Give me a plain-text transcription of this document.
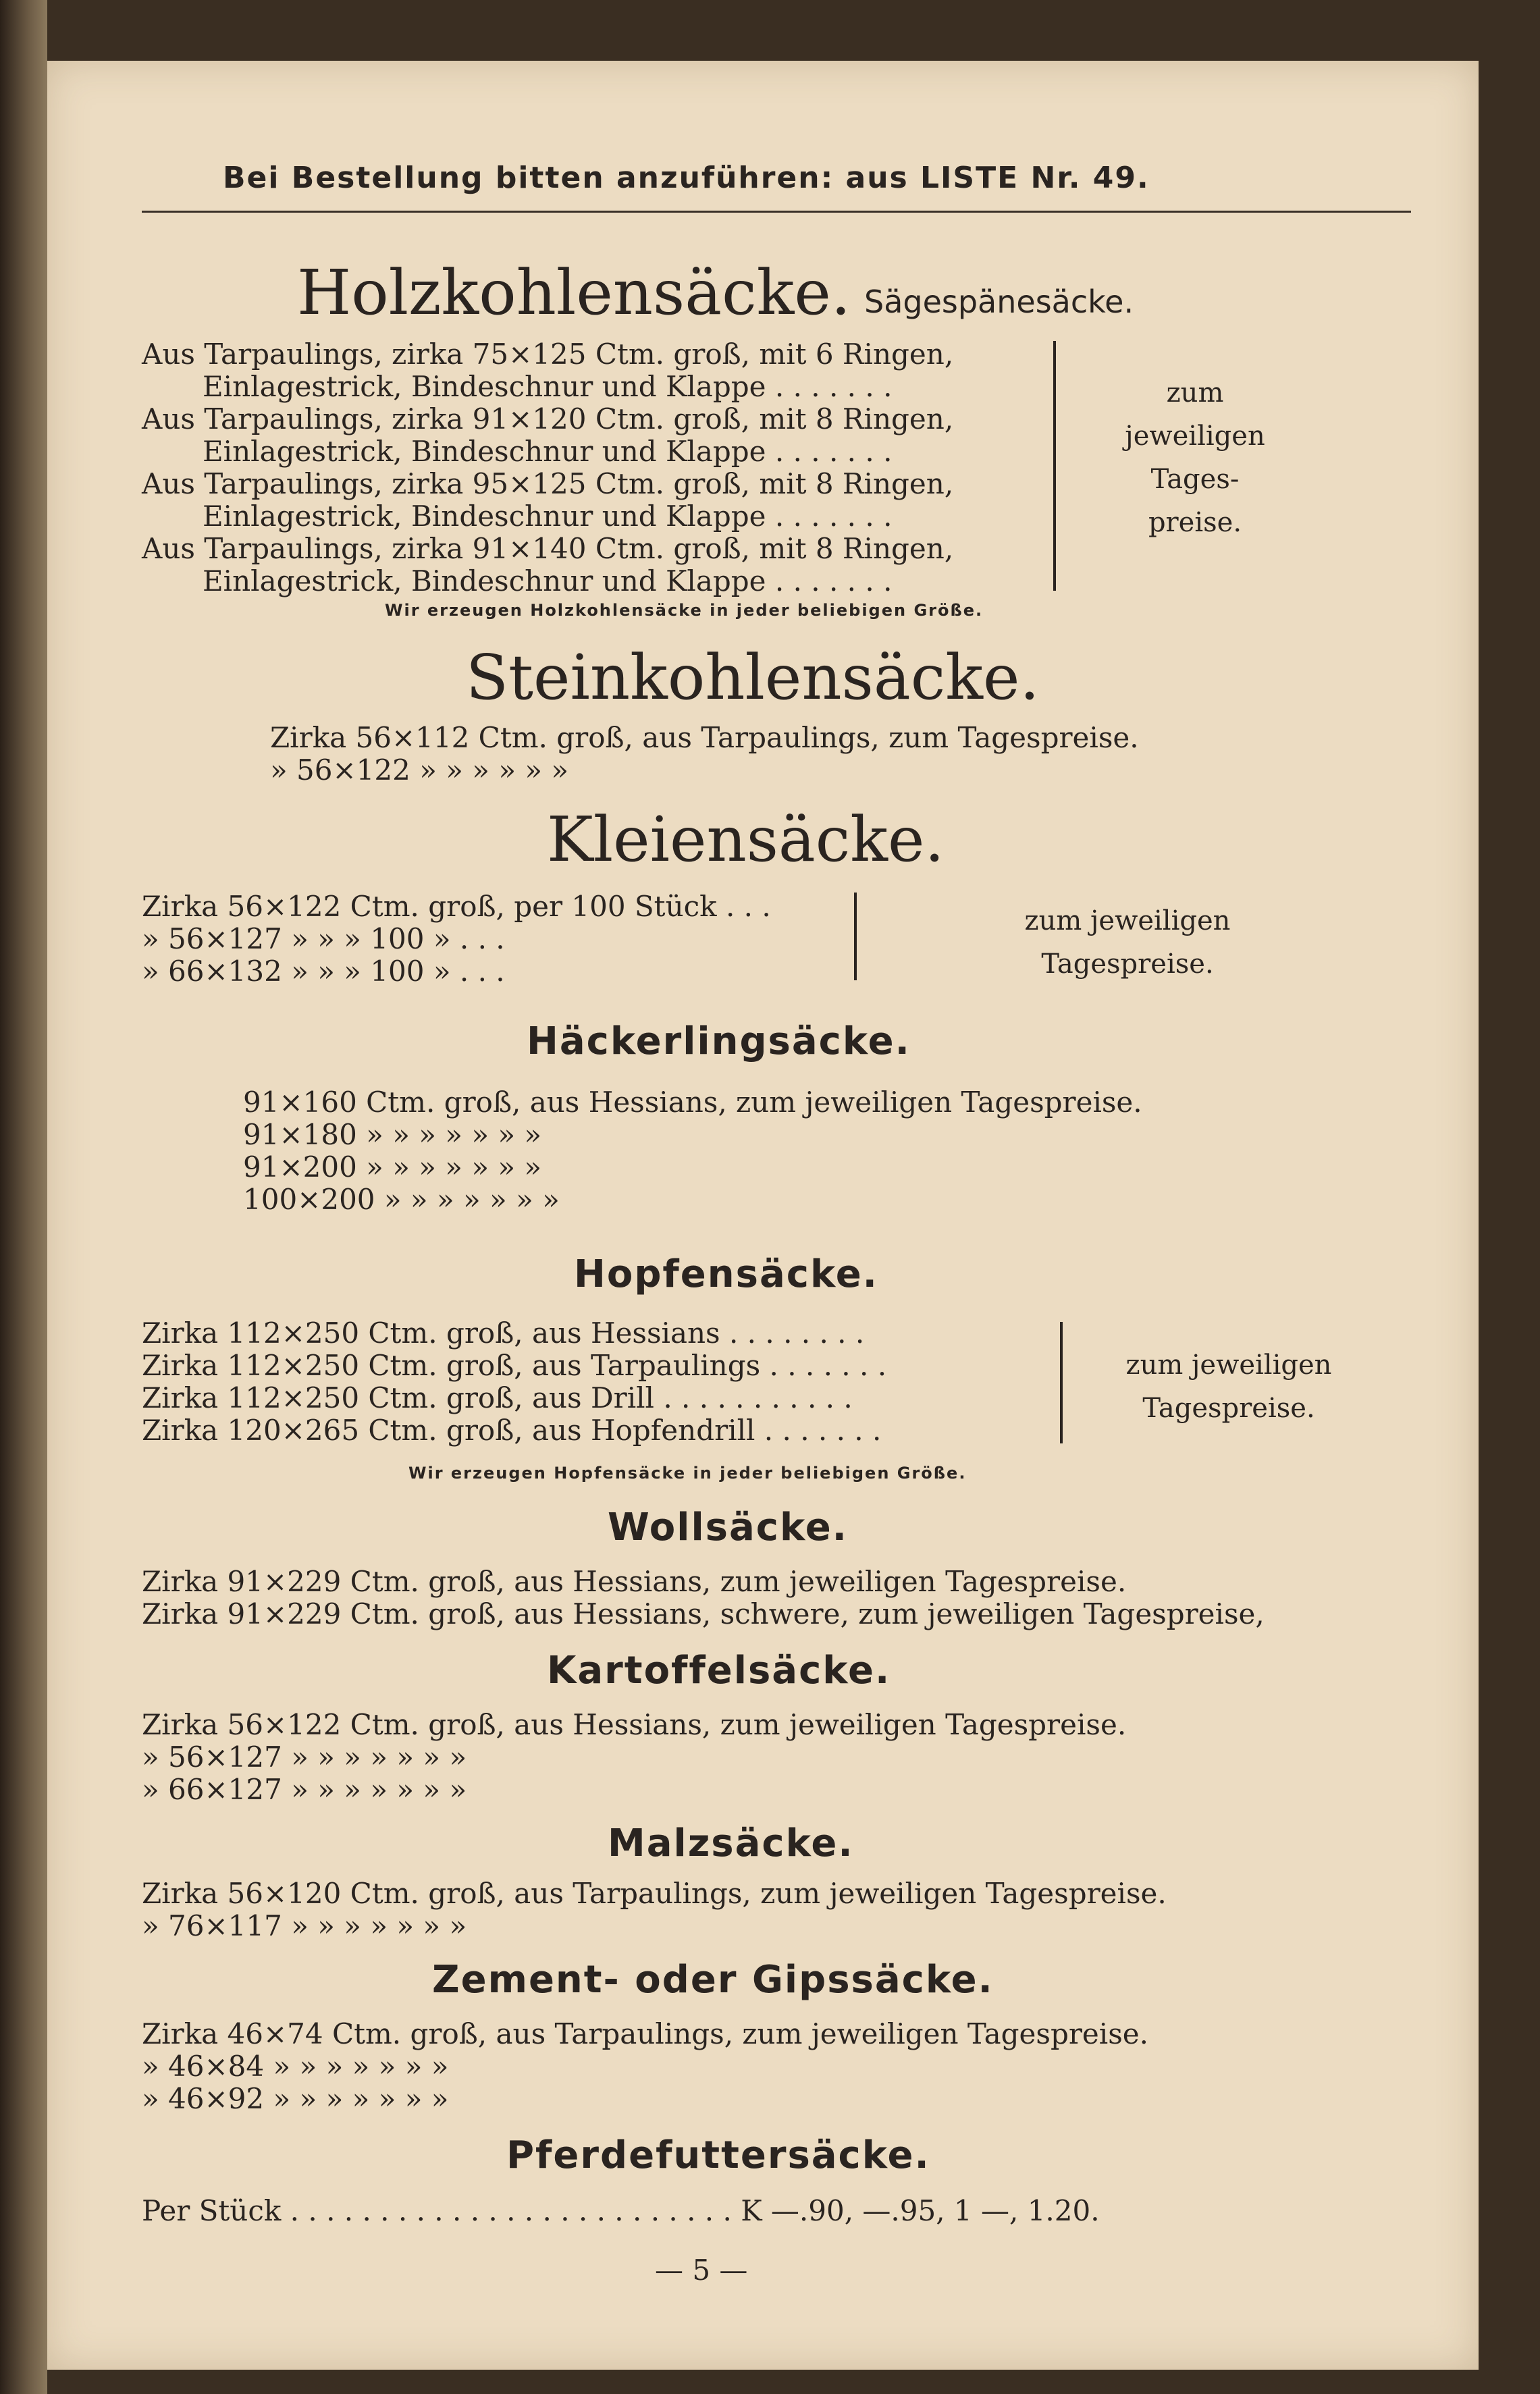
Bei Bestellung bitten anzuführen: aus LISTE Nr. 49.
Holzkohlensäcke. Sägespänesäcke.
Aus Tarpaulings, zirka 75×125 Ctm. groß, mit 6 Ringen,
Einlagestrick, Bindeschnur und Klappe . . . . . . .
Aus Tarpaulings, zirka 91×120 Ctm. groß, mit 8 Ringen,
Einlagestrick, Bindeschnur und Klappe . . . . . . .
Aus Tarpaulings, zirka 95×125 Ctm. groß, mit 8 Ringen,
Einlagestrick, Bindeschnur und Klappe . . . . . . .
Aus Tarpaulings, zirka 91×140 Ctm. groß, mit 8 Ringen,
Einlagestrick, Bindeschnur und Klappe . . . . . . .
zum
jeweiligen
Tages-
preise.
Wir erzeugen Holzkohlensäcke in jeder beliebigen Größe.
Steinkohlensäcke.
Zirka 56×112 Ctm. groß, aus Tarpaulings, zum Tagespreise.
» 56×122 » » » » » »
Kleiensäcke.
Zirka 56×122 Ctm. groß, per 100 Stück . . .
» 56×127 » » » 100 » . . .
» 66×132 » » » 100 » . . .
zum jeweiligen
Tagespreise.
Häckerlingsäcke.
91×160 Ctm. groß, aus Hessians, zum jeweiligen Tagespreise.
91×180 » » » » » » »
91×200 » » » » » » »
100×200 » » » » » » »
Hopfensäcke.
Zirka 112×250 Ctm. groß, aus Hessians . . . . . . . .
Zirka 112×250 Ctm. groß, aus Tarpaulings . . . . . . .
Zirka 112×250 Ctm. groß, aus Drill . . . . . . . . . . .
Zirka 120×265 Ctm. groß, aus Hopfendrill . . . . . . .
zum jeweiligen
Tagespreise.
Wir erzeugen Hopfensäcke in jeder beliebigen Größe.
Wollsäcke.
Zirka 91×229 Ctm. groß, aus Hessians, zum jeweiligen Tagespreise.
Zirka 91×229 Ctm. groß, aus Hessians, schwere, zum jeweiligen Tagespreise,
Kartoffelsäcke.
Zirka 56×122 Ctm. groß, aus Hessians, zum jeweiligen Tagespreise.
» 56×127 » » » » » » »
» 66×127 » » » » » » »
Malzsäcke.
Zirka 56×120 Ctm. groß, aus Tarpaulings, zum jeweiligen Tagespreise.
» 76×117 » » » » » » »
Zement- oder Gipssäcke.
Zirka 46×74 Ctm. groß, aus Tarpaulings, zum jeweiligen Tagespreise.
» 46×84 » » » » » » »
» 46×92 » » » » » » »
Pferdefuttersäcke.
Per Stück . . . . . . . . . . . . . . . . . . . . . . . . . K —.90, —.95, 1 —, 1.20.
— 5 —
